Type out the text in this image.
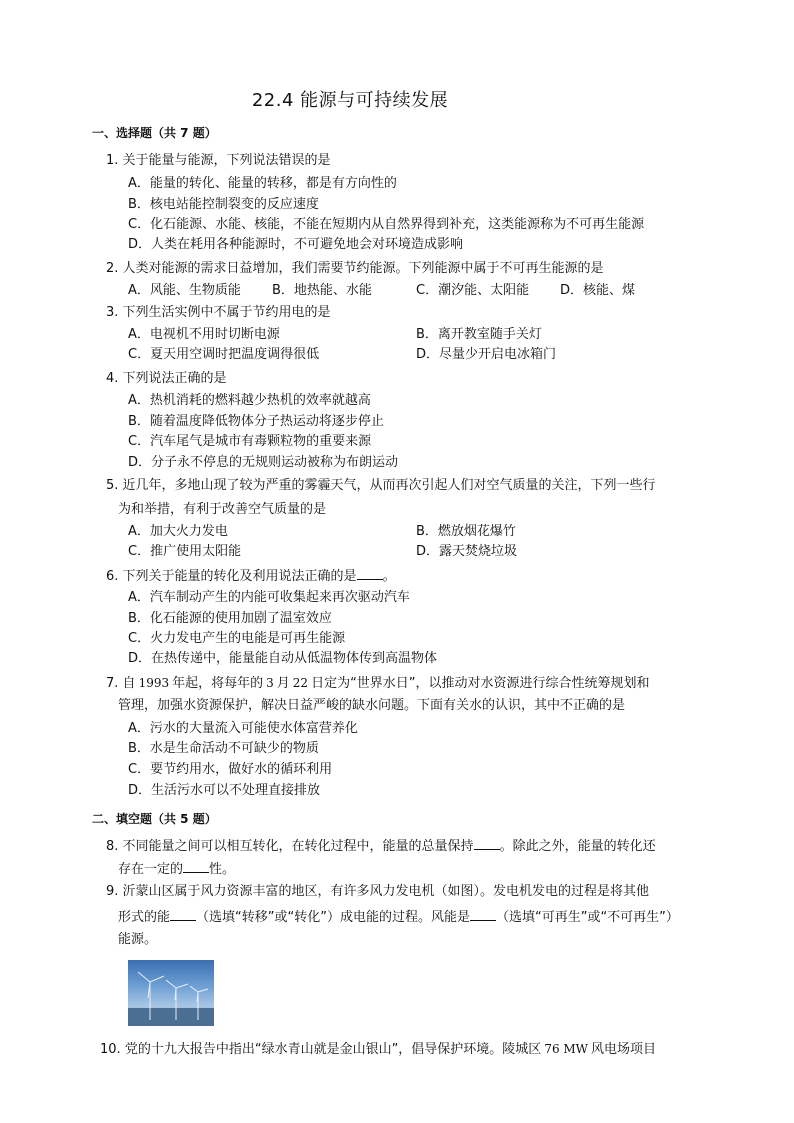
22.4 能源与可持续发展
一、选择题（共 7 题）
1. 关于能量与能源，下列说法错误的是
A．能量的转化、能量的转移，都是有方向性的
B．核电站能控制裂变的反应速度
C．化石能源、水能、核能，不能在短期内从自然界得到补充，这类能源称为不可再生能源
D．人类在耗用各种能源时，不可避免地会对环境造成影响
2. 人类对能源的需求日益增加，我们需要节约能源。下列能源中属于不可再生能源的是
A．风能、生物质能 B．地热能、水能	C．潮汐能、太阳能 D．核能、煤
3. 下列生活实例中不属于节约用电的是
A．电视机不用时切断电源	B．离开教室随手关灯
C．夏天用空调时把温度调得很低	D．尽量少开启电冰箱门
4. 下列说法正确的是
A．热机消耗的燃料越少热机的效率就越高
B．随着温度降低物体分子热运动将逐步停止
C．汽车尾气是城市有毒颗粒物的重要来源
D．分子永不停息的无规则运动被称为布朗运动
5. 近几年，多地山现了较为严重的雾霾天气，从而再次引起人们对空气质量的关注，下列一些行
为和举措，有利于改善空气质量的是
A．加大火力发电	B．燃放烟花爆竹
C．推广使用太阳能	D．露天焚烧垃圾
6. 下列关于能量的转化及利用说法正确的是 。
A．汽车制动产生的内能可收集起来再次驱动汽车
B．化石能源的使用加剧了温室效应
C．火力发电产生的电能是可再生能源
D．在热传递中，能量能自动从低温物体传到高温物体
7. 自 1993 年起，将每年的 3 月 22 日定为“世界水日”，以推动对水资源进行综合性统筹规划和
管理，加强水资源保护，解决日益严峻的缺水问题。下面有关水的认识，其中不正确的是
A．污水的大量流入可能使水体富营养化
B．水是生命活动不可缺少的物质
C．要节约用水，做好水的循环利用
D．生活污水可以不处理直接排放
二、填空题（共 5 题）
8. 不同能量之间可以相互转化，在转化过程中，能量的总量保持 。除此之外，能量的转化还
存在一定的 性。
9. 沂蒙山区属于风力资源丰富的地区，有许多风力发电机（如图）。发电机发电的过程是将其他
形式的能 （选填“转移”或“转化”）成电能的过程。风能是 （选填“可再生”或“不可再生”）
能源。
10. 党的十九大报告中指出“绿水青山就是金山银山”，倡导保护环境。陵城区 76 MW 风电场项目
